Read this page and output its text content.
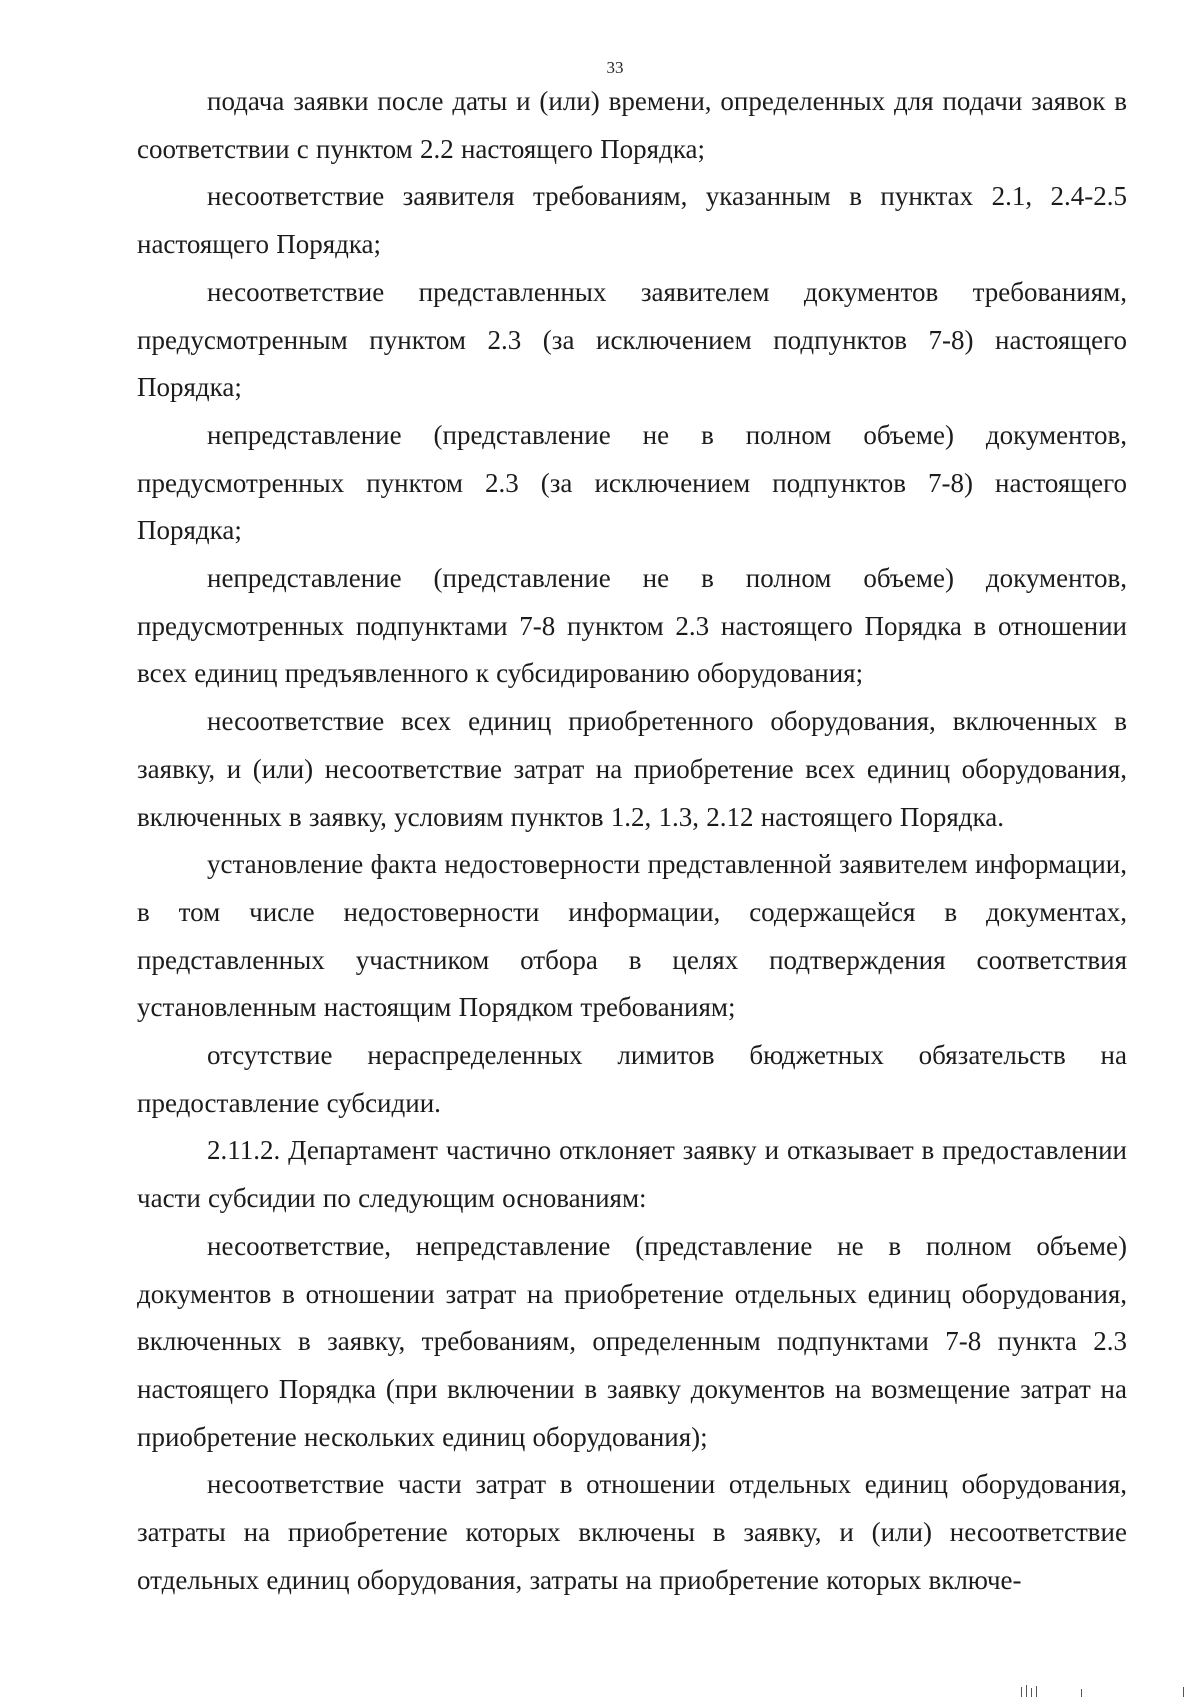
33

подача заявки после даты и (или) времени, определенных для подачи заявок в соответствии с пунктом 2.2 настоящего Порядка;

несоответствие заявителя требованиям, указанным в пунктах 2.1, 2.4-2.5 настоящего Порядка;

несоответствие представленных заявителем документов требованиям, предусмотренным пунктом 2.3 (за исключением подпунктов 7-8) настоящего Порядка;

непредставление (представление не в полном объеме) документов, предусмотренных пунктом 2.3 (за исключением подпунктов 7-8) настоящего Порядка;

непредставление (представление не в полном объеме) документов, предусмотренных подпунктами 7-8 пунктом 2.3 настоящего Порядка в отношении всех единиц предъявленного к субсидированию оборудования;

несоответствие всех единиц приобретенного оборудования, включенных в заявку, и (или) несоответствие затрат на приобретение всех единиц оборудования, включенных в заявку, условиям пунктов 1.2, 1.3, 2.12 настоящего Порядка.

установление факта недостоверности представленной заявителем информации, в том числе недостоверности информации, содержащейся в документах, представленных участником отбора в целях подтверждения соответствия установленным настоящим Порядком требованиям;

отсутствие нераспределенных лимитов бюджетных обязательств на предоставление субсидии.

2.11.2. Департамент частично отклоняет заявку и отказывает в предоставлении части субсидии по следующим основаниям:

несоответствие, непредставление (представление не в полном объеме) документов в отношении затрат на приобретение отдельных единиц оборудования, включенных в заявку, требованиям, определенным подпунктами 7-8 пункта 2.3 настоящего Порядка (при включении в заявку документов на возмещение затрат на приобретение нескольких единиц оборудования);

несоответствие части затрат в отношении отдельных единиц оборудования, затраты на приобретение которых включены в заявку, и (или) несоответствие отдельных единиц оборудования, затраты на приобретение которых включе-
